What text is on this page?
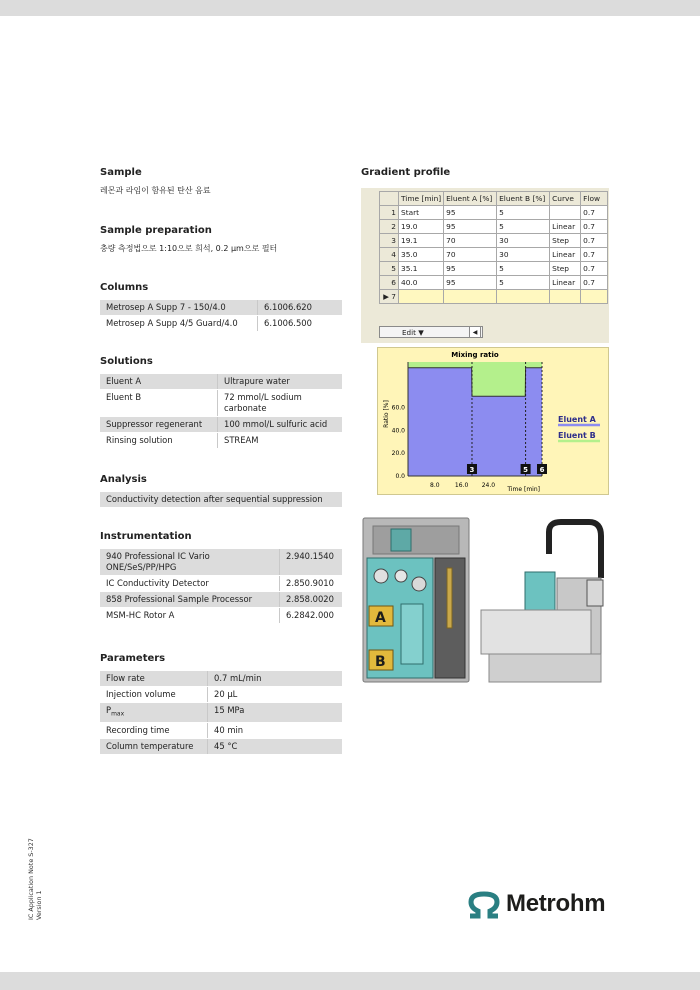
Sample

레몬과 라임이 함유된 탄산 음료

Sample preparation

충량 측정법으로 1:10으로 희석, 0.2 µm으로 필터

Columns
Metrosep A Supp 7 - 150/4.0	6.1006.620
Metrosep A Supp 4/5 Guard/4.0	6.1006.500
Solutions
Eluent A	Ultrapure water
Eluent B	72 mmol/L sodium carbonate
Suppressor regenerant	100 mmol/L sulfuric acid
Rinsing solution	STREAM
Analysis
Conductivity detection after sequential suppression
Instrumentation
940 Professional IC Vario ONE/SeS/PP/HPG	2.940.1540
IC Conductivity Detector	2.850.9010
858 Professional Sample Processor	2.858.0020
MSM-HC Rotor A	6.2842.000
Parameters
Flow rate	0.7 mL/min
Injection volume	20 µL
$P_{max}$	15 MPa
Recording time	40 min
Column temperature	45 °C
Gradient profile
	Time [min]	Eluent A [%]	Eluent B [%]	Curve	Flow
1	Start	95	5		0.7
2	19.0	95	5	Linear	0.7
3	19.1	70	30	Step	0.7
4	35.0	70	30	Linear	0.7
5	35.1	95	5	Step	0.7
6	40.0	95	5	Linear	0.7
▶ 7					
Edit ▼	◀
Mixing ratio
Ratio [%]
Time [min]
0.0
20.0
40.0
60.0
8.0	16.0 24.0
3	5 6
Eluent A
Eluent B
A
B
IC Application Note S-327 Version 1	Metrohm
